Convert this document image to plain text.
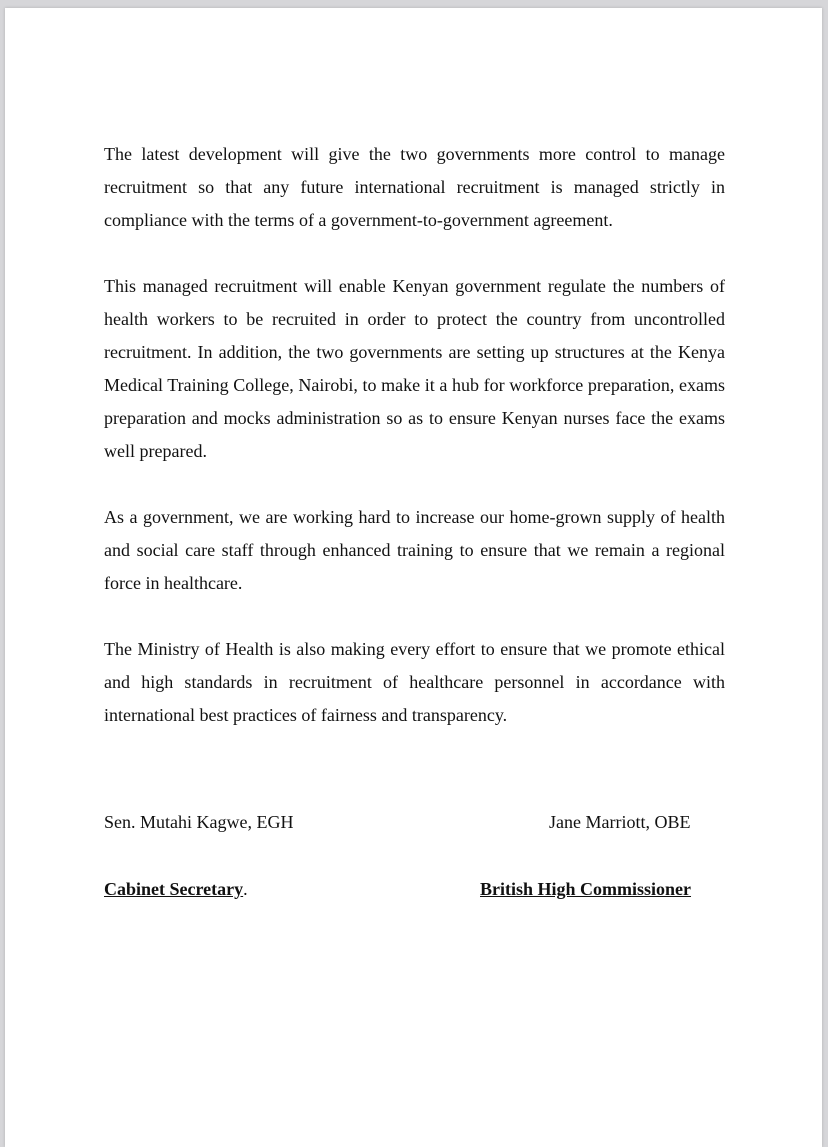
The latest development will give the two governments more control to manage recruitment so that any future international recruitment is managed strictly in compliance with the terms of a government-to-government agreement.

This managed recruitment will enable Kenyan government regulate the numbers of health workers to be recruited in order to protect the country from uncontrolled recruitment. In addition, the two governments are setting up structures at the Kenya Medical Training College, Nairobi, to make it a hub for workforce preparation, exams preparation and mocks administration so as to ensure Kenyan nurses face the exams well prepared.

As a government, we are working hard to increase our home-grown supply of health and social care staff through enhanced training to ensure that we remain a regional force in healthcare.

The Ministry of Health is also making every effort to ensure that we promote ethical and high standards in recruitment of healthcare personnel in accordance with international best practices of fairness and transparency.

Sen. Mutahi Kagwe, EGH	Jane Marriott, OBE
Cabinet Secretary.	British High Commissioner
